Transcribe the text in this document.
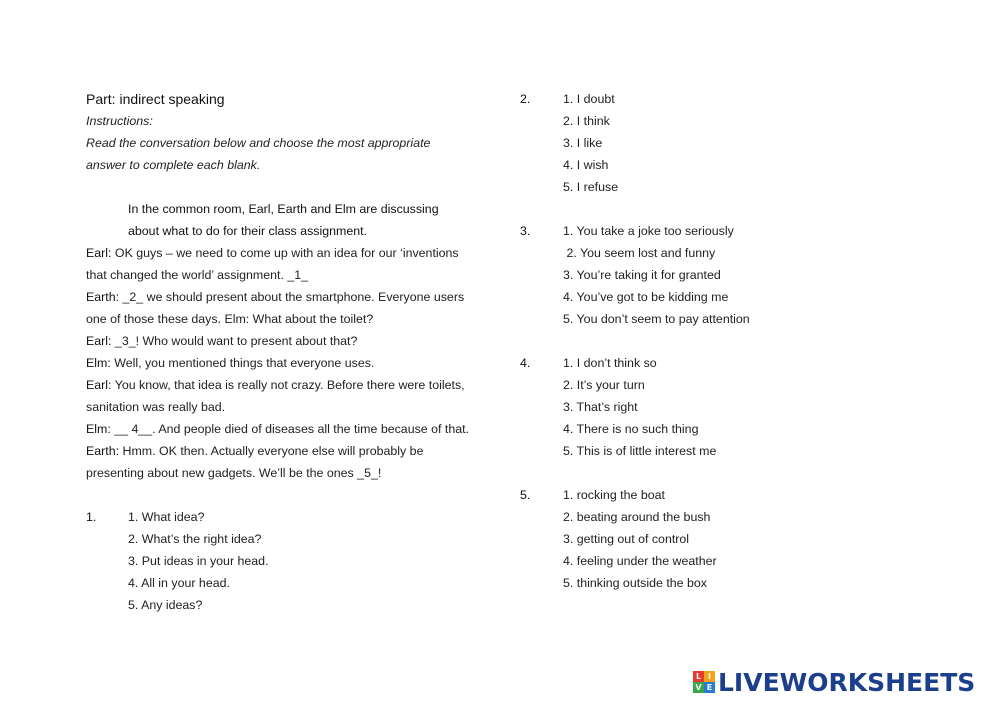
Part: indirect speaking
Instructions:
Read the conversation below and choose the most appropriate
answer to complete each blank.
In the common room, Earl, Earth and Elm are discussing
about what to do for their class assignment.
Earl: OK guys – we need to come up with an idea for our ‘inventions
that changed the world’ assignment. _1_
Earth: _2_ we should present about the smartphone. Everyone users
one of those these days. Elm: What about the toilet?
Earl: _3_! Who would want to present about that?
Elm: Well, you mentioned things that everyone uses.
Earl: You know, that idea is really not crazy. Before there were toilets,
sanitation was really bad.
Elm: __ 4__. And people died of diseases all the time because of that.
Earth: Hmm. OK then. Actually everyone else will probably be
presenting about new gadgets. We’ll be the ones _5_!
1.	1. What idea?
2. What’s the right idea?
3. Put ideas in your head.
4. All in your head.
5. Any ideas?
2.	1. I doubt
2. I think
3. I like
4. I wish
5. I refuse
3.	1. You take a joke too seriously
2. You seem lost and funny
3. You’re taking it for granted
4. You’ve got to be kidding me
5. You don’t seem to pay attention
4.	1. I don’t think so
2. It’s your turn
3. That’s right
4. There is no such thing
5. This is of little interest me
5.	1. rocking the boat
2. beating around the bush
3. getting out of control
4. feeling under the weather
5. thinking outside the box
L I
V E LIVEWORKSHEETS
